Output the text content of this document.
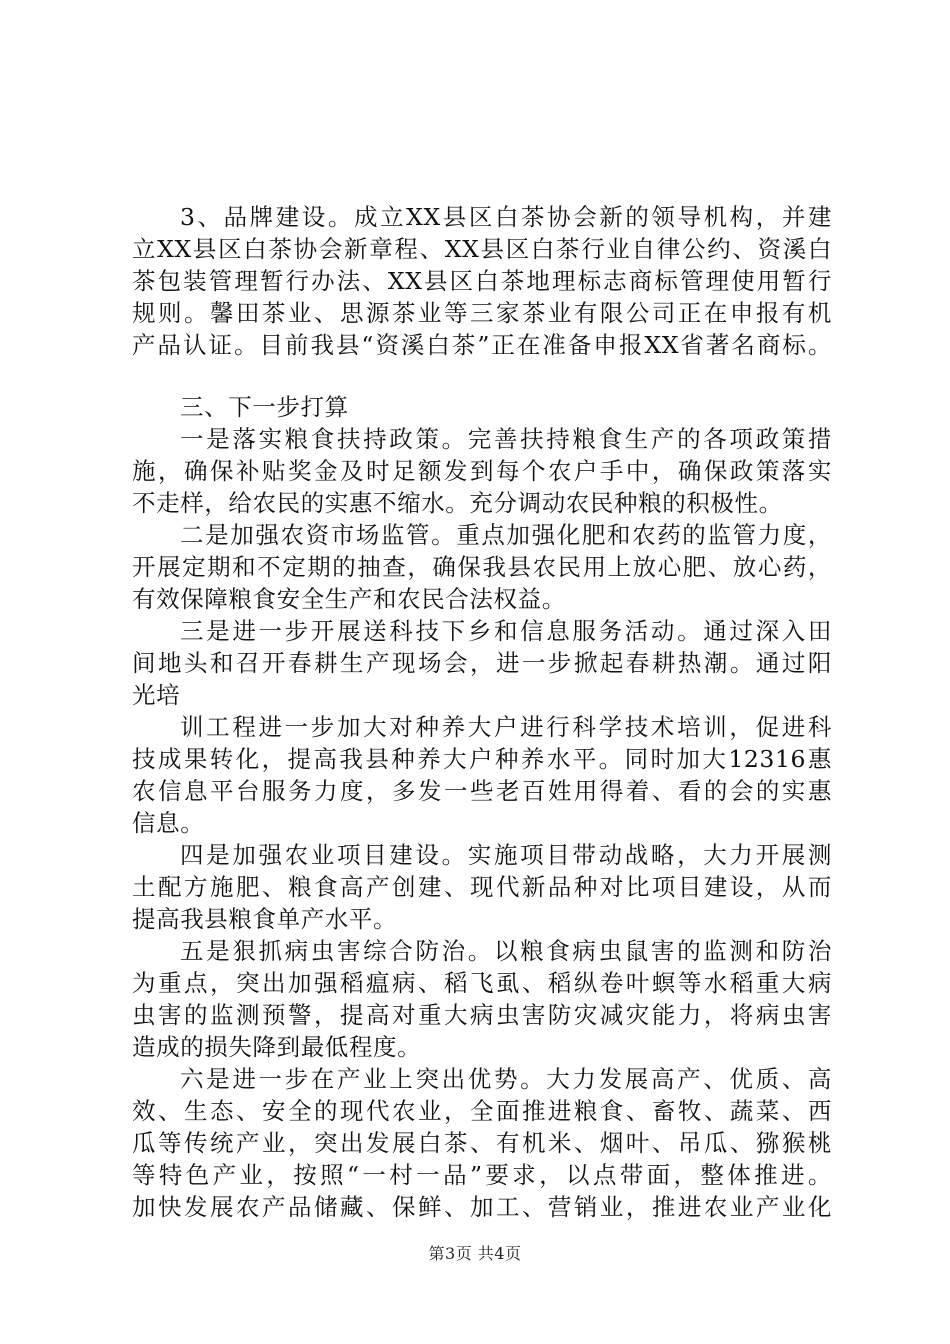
3、品牌建设。成立XX县区白茶协会新的领导机构，并建
立XX县区白茶协会新章程、XX县区白茶行业自律公约、资溪白
茶包装管理暂行办法、XX县区白茶地理标志商标管理使用暂行
规则。馨田茶业、思源茶业等三家茶业有限公司正在申报有机
产品认证。目前我县“资溪白茶”正在准备申报XX省著名商标。
三、下一步打算
一是落实粮食扶持政策。完善扶持粮食生产的各项政策措
施，确保补贴奖金及时足额发到每个农户手中，确保政策落实
不走样，给农民的实惠不缩水。充分调动农民种粮的积极性。
二是加强农资市场监管。重点加强化肥和农药的监管力度，
开展定期和不定期的抽查，确保我县农民用上放心肥、放心药，
有效保障粮食安全生产和农民合法权益。
三是进一步开展送科技下乡和信息服务活动。通过深入田
间地头和召开春耕生产现场会，进一步掀起春耕热潮。通过阳
光培
训工程进一步加大对种养大户进行科学技术培训，促进科
技成果转化，提高我县种养大户种养水平。同时加大12316惠
农信息平台服务力度，多发一些老百姓用得着、看的会的实惠
信息。
四是加强农业项目建设。实施项目带动战略，大力开展测
土配方施肥、粮食高产创建、现代新品种对比项目建设，从而
提高我县粮食单产水平。
五是狠抓病虫害综合防治。以粮食病虫鼠害的监测和防治
为重点，突出加强稻瘟病、稻飞虱、稻纵卷叶螟等水稻重大病
虫害的监测预警，提高对重大病虫害防灾减灾能力，将病虫害
造成的损失降到最低程度。
六是进一步在产业上突出优势。大力发展高产、优质、高
效、生态、安全的现代农业，全面推进粮食、畜牧、蔬菜、西
瓜等传统产业，突出发展白茶、有机米、烟叶、吊瓜、猕猴桃
等特色产业，按照“一村一品”要求，以点带面，整体推进。
加快发展农产品储藏、保鲜、加工、营销业，推进农业产业化
第3页 共4页
